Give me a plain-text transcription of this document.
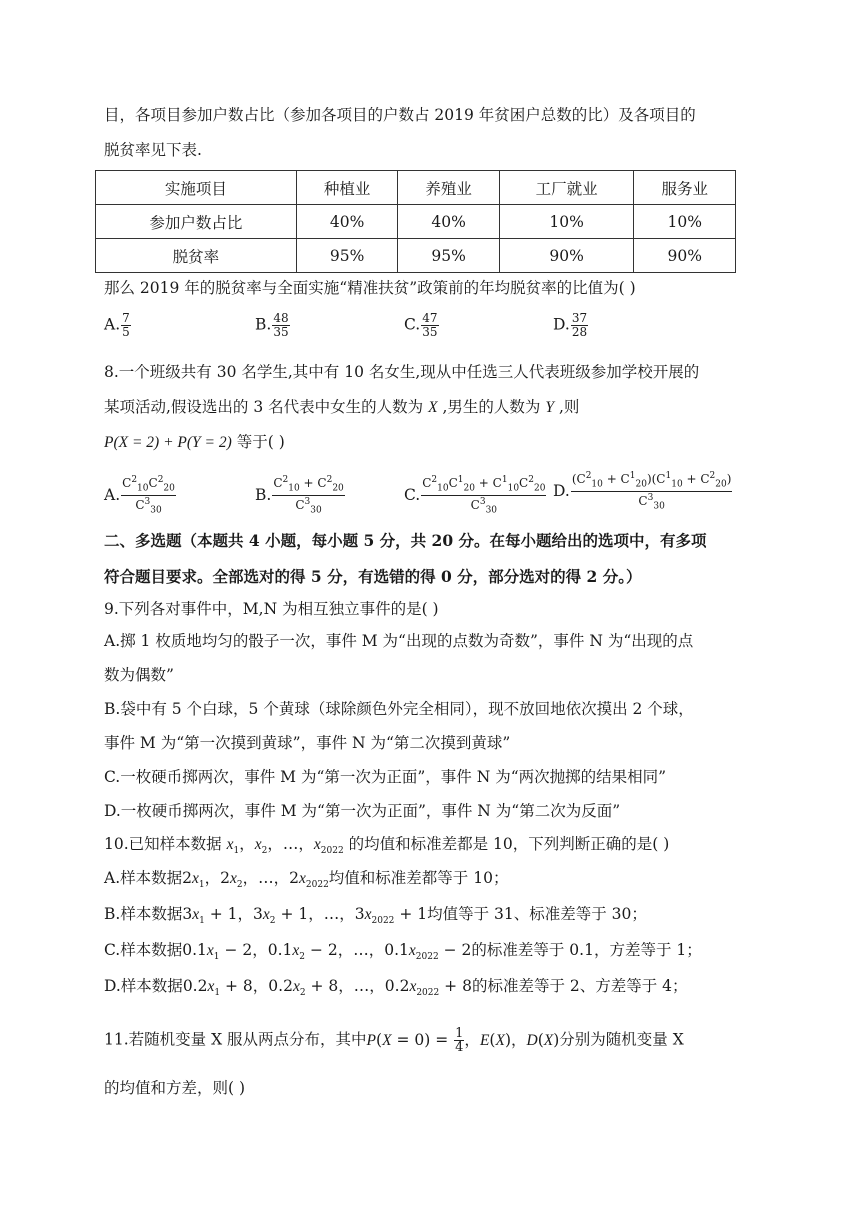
目，各项目参加户数占比（参加各项目的户数占 2019 年贫困户总数的比）及各项目的
脱贫率见下表.
实施项目	种植业	养殖业	工厂就业	服务业
参加户数占比	40%	40%	10%	10%
脱贫率	95%	95%	90%	90%
那么 2019 年的脱贫率与全面实施“精准扶贫”政策前的年均脱贫率的比值为( )
A. $\frac{7}{5}$	B. $\frac{48}{35}$	C. $\frac{47}{35}$	D. $\frac{37}{28}$
8.一个班级共有 30 名学生,其中有 10 名女生,现从中任选三人代表班级参加学校开展的
某项活动,假设选出的 3 名代表中女生的人数为 X ,男生的人数为 Y ,则
P(X = 2) + P(Y = 2) 等于( )
A. $\frac{C^2_{10}C^2_{20}}{C^3_{30}}$	B. $\frac{C^2_{10} + C^2_{20}}{C^3_{30}}$	C. $\frac{C^2_{10}C^1_{20} + C^1_{10}C^2_{20}}{C^3_{30}} D$. $\frac{(C^2_{10} + C^1_{20})(C^1_{10} + C^2_{20})}{C^3_{30}}$
二、多选题（本题共 4 小题，每小题 5 分，共 20 分。在每小题给出的选项中，有多项
符合题目要求。全部选对的得 5 分，有选错的得 0 分，部分选对的得 2 分。）
9.下列各对事件中，M,N 为相互独立事件的是( )
A.掷 1 枚质地均匀的骰子一次，事件 M 为“出现的点数为奇数”，事件 N 为“出现的点
数为偶数”
B.袋中有 5 个白球，5 个黄球（球除颜色外完全相同），现不放回地依次摸出 2 个球，
事件 M 为“第一次摸到黄球”，事件 N 为“第二次摸到黄球”
C.一枚硬币掷两次，事件 M 为“第一次为正面”，事件 N 为“两次抛掷的结果相同”
D.一枚硬币掷两次，事件 M 为“第一次为正面”，事件 N 为“第二次为反面”
10.已知样本数据 $x_1$，$x_2$，…，$x_{2022}$ 的均值和标准差都是 10，下列判断正确的是( )
A.样本数据$2x_1$，$2x_2$，…，$2x_{2022}$均值和标准差都等于 10；
B.样本数据$3x_1 + 1$，$3x_2 + 1$，…，$3x_{2022} + 1$均值等于 31、标准差等于 30；
C.样本数据$0.1x_1 - 2$，$0.1x_2 - 2$，…，$0.1x_{2022} - 2$的标准差等于 0.1，方差等于 1；
D.样本数据$0.2x_1 + 8$，$0.2x_2 + 8$，…，$0.2x_{2022} + 8$的标准差等于 2、方差等于 4；
11.若随机变量 X 服从两点分布，其中$P(X = 0) = \frac{1}{4}$ ，E(X)，D(X)分别为随机变量 X
的均值和方差，则( )
